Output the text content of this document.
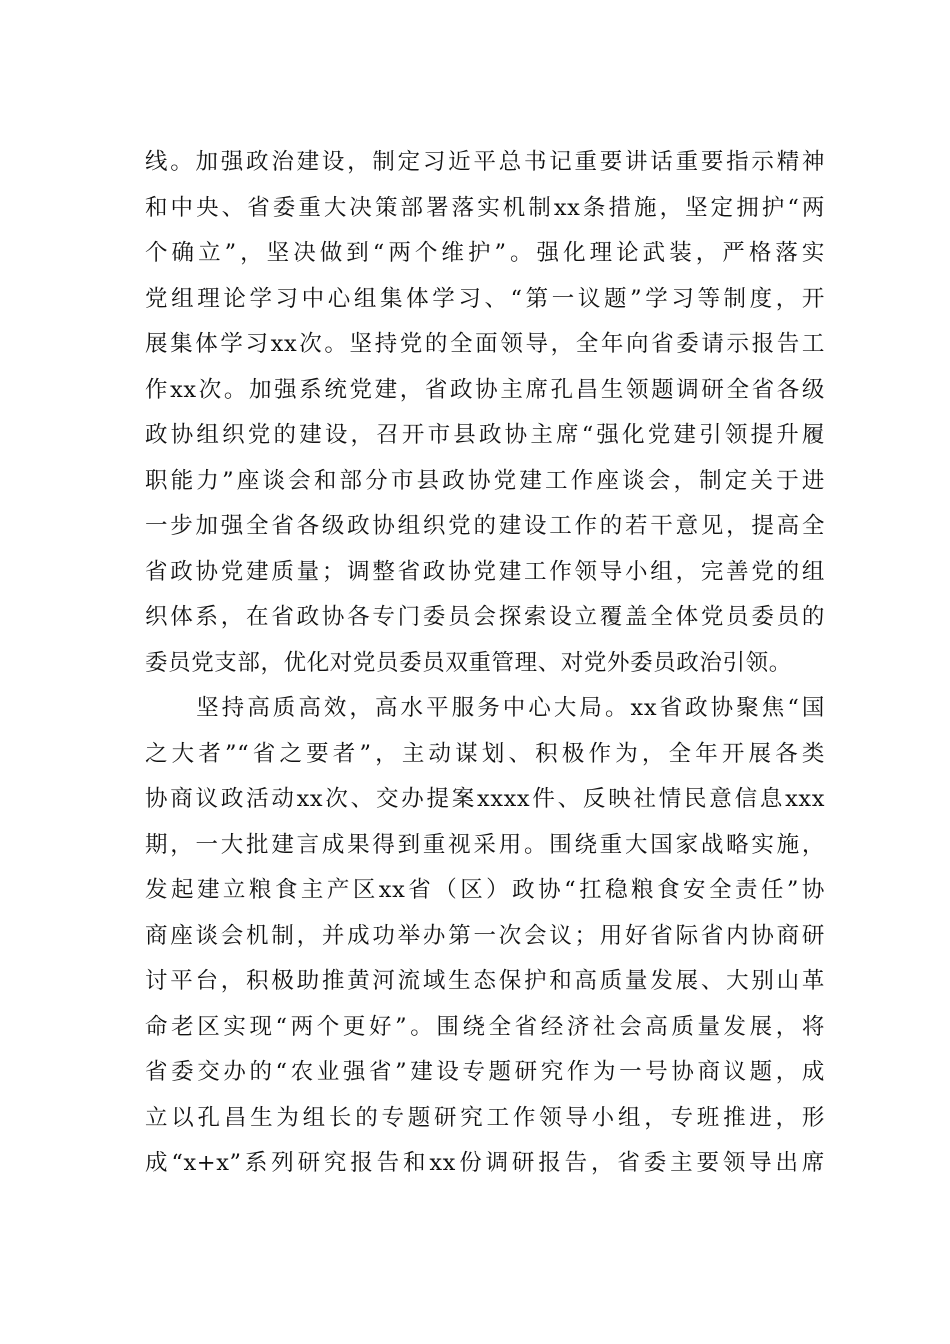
线。加强政治建设，制定习近平总书记重要讲话重要指示精神
和中央、省委重大决策部署落实机制xx条措施，坚定拥护“两
个确立”，坚决做到“两个维护”。强化理论武装，严格落实
党组理论学习中心组集体学习、“第一议题”学习等制度，开
展集体学习xx次。坚持党的全面领导，全年向省委请示报告工
作xx次。加强系统党建，省政协主席孔昌生领题调研全省各级
政协组织党的建设，召开市县政协主席“强化党建引领提升履
职能力”座谈会和部分市县政协党建工作座谈会，制定关于进
一步加强全省各级政协组织党的建设工作的若干意见，提高全
省政协党建质量；调整省政协党建工作领导小组，完善党的组
织体系，在省政协各专门委员会探索设立覆盖全体党员委员的
委员党支部，优化对党员委员双重管理、对党外委员政治引领。
　　坚持高质高效，高水平服务中心大局。xx省政协聚焦“国
之大者”“省之要者”，主动谋划、积极作为，全年开展各类
协商议政活动xx次、交办提案xxxx件、反映社情民意信息xxx
期，一大批建言成果得到重视采用。围绕重大国家战略实施，
发起建立粮食主产区xx省（区）政协“扛稳粮食安全责任”协
商座谈会机制，并成功举办第一次会议；用好省际省内协商研
讨平台，积极助推黄河流域生态保护和高质量发展、大别山革
命老区实现“两个更好”。围绕全省经济社会高质量发展，将
省委交办的“农业强省”建设专题研究作为一号协商议题，成
立以孔昌生为组长的专题研究工作领导小组，专班推进，形
成“x+x”系列研究报告和xx份调研报告，省委主要领导出席
